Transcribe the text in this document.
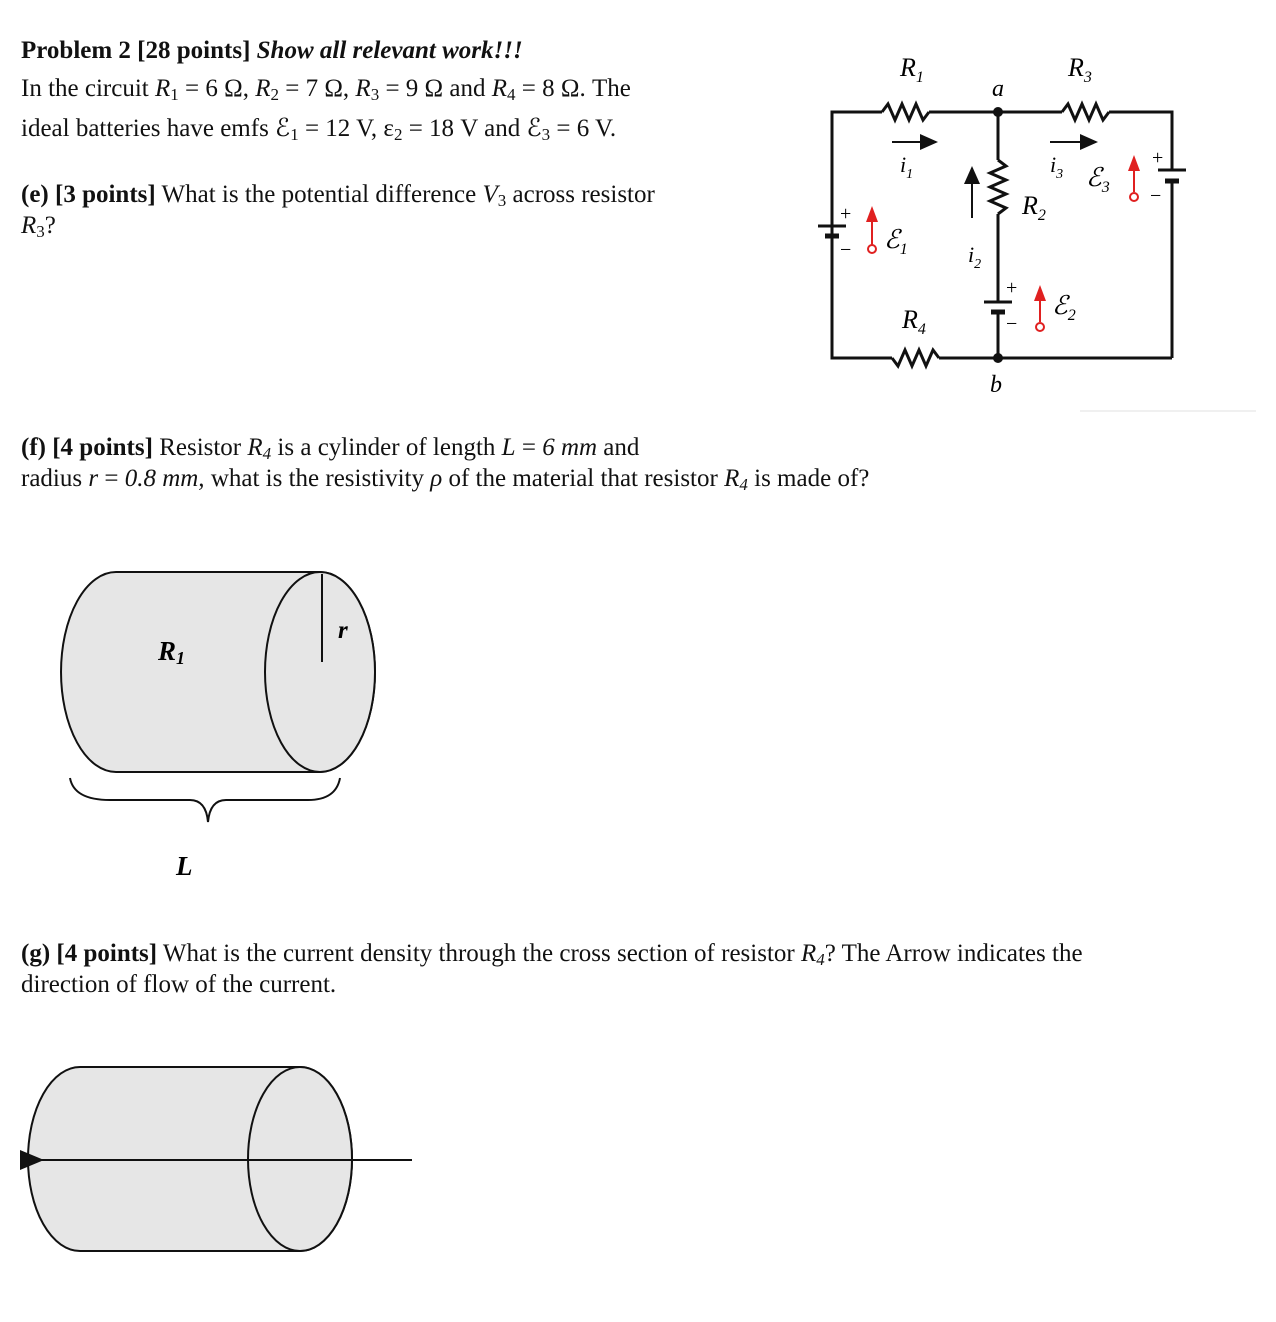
Problem 2 [28 points] Show all relevant work!!!
In the circuit $R_1 = 6$ Ω, $R_2 = 7$ Ω, $R_3 = 9$ Ω and $R_4 = 8$ Ω. The
ideal batteries have emfs ℰ$_1$ = 12 V, $\varepsilon_2 = 18$ V and ℰ$_3$ = 6 V.
(e) [3 points] What is the potential difference $V_3$ across resistor
$R_3$?
$R_1$	$R_3$
a
$i_1$	$i_3$
$R_2$
ℰ$_3$
ℰ$_1$	$i_2$
ℰ$_2$
$R_4$
b
+
−
+
−
+
−
(f) [4 points] Resistor $R_4$ is a cylinder of length L = 6 mm and
radius r = 0.8 mm, what is the resistivity ρ of the material that resistor $R_4$ is made of?
R1
r
L
(g) [4 points] What is the current density through the cross section of resistor $R_4$? The Arrow indicates the
direction of flow of the current.
